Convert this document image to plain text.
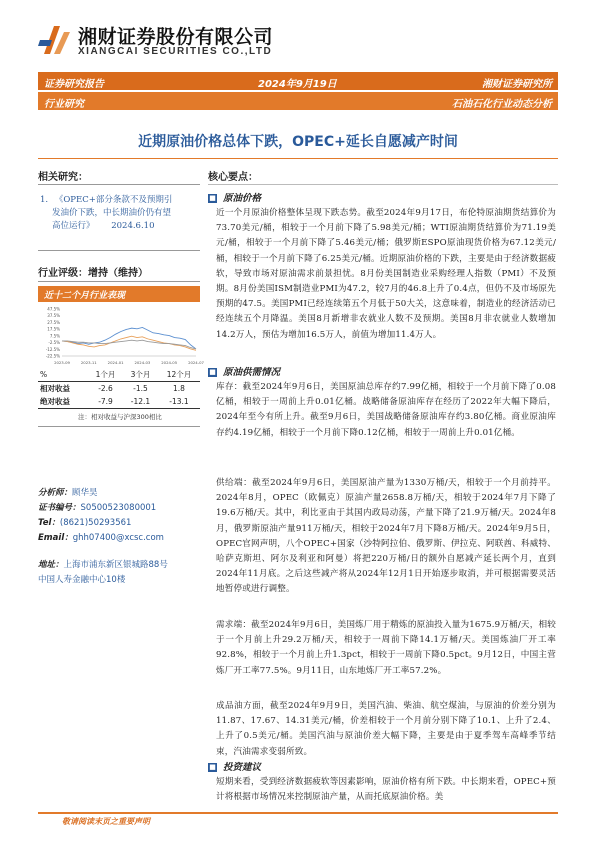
湘财证券股份有限公司
XIANGCAI SECURITIES CO.,LTD
证券研究报告	2024年9月19日	湘财证券研究所
行业研究	石油石化行业动态分析
近期原油价格总体下跌，OPEC+延长自愿减产时间
相关研究：
1. 《OPEC+部分条款不及预期引
发油价下跌，中长期油价仍有望
高位运行》 2024.6.10
行业评级：增持（维持）
近十二个月行业表现
47.5%
37.5%
27.5%
17.5%
7.5%
-2.5%
-12.5%
-22.5%
2023-09	2023-11	2024-01	2024-03	2024-05	2024-07
%	1个月	3个月	12个月
相对收益	-2.6	-1.5	1.8
绝对收益	-7.9	-12.1	-13.1
注：相对收益与沪深300相比
分析师：顾华昊
证书编号：S0500523080001
Tel：(8621)50293561
Email：ghh07400@xcsc.com
地址：上海市浦东新区银城路88号
中国人寿金融中心10楼
核心要点：
■ 原油价格
近一个月原油价格整体呈现下跌态势。截至2024年9月17日，布伦特原油期货结算价为73.70美元/桶，相较于一个月前下降了5.98美元/桶；WTI原油期货结算价为71.19美元/桶，相较于一个月前下降了5.46美元/桶；俄罗斯ESPO原油现货价格为67.12美元/桶，相较于一个月前下降了6.25美元/桶。近期原油价格的下跌，主要是由于经济数据疲软，导致市场对原油需求前景担忧。8月份美国制造业采购经理人指数（PMI）不及预期。8月份美国ISM制造业PMI为47.2，较7月的46.8上升了0.4点，但仍不及市场原先预期的47.5。美国PMI已经连续第五个月低于50大关，这意味着，制造业的经济活动已经连续五个月降温。美国8月新增非农就业人数不及预期。美国8月非农就业人数增加14.2万人，预估为增加16.5万人，前值为增加11.4万人。
■ 原油供需情况
库存：截至2024年9月6日，美国原油总库存约7.99亿桶，相较于一个月前下降了0.08亿桶，相较于一周前上升0.01亿桶。战略储备原油库存在经历了2022年大幅下降后，2024年至今有所上升。截至9月6日，美国战略储备原油库存约3.80亿桶。商业原油库存约4.19亿桶，相较于一个月前下降0.12亿桶，相较于一周前上升0.01亿桶。
供给端：截至2024年9月6日，美国原油产量为1330万桶/天，相较于一个月前持平。2024年8月，OPEC（欧佩克）原油产量2658.8万桶/天，相较于2024年7月下降了19.6万桶/天。其中，利比亚由于其国内政局动荡，产量下降了21.9万桶/天。2024年8月，俄罗斯原油产量911万桶/天，相较于2024年7月下降8万桶/天。2024年9月5日，OPEC官网声明，八个OPEC+国家（沙特阿拉伯、俄罗斯、伊拉克、阿联酋、科威特、哈萨克斯坦、阿尔及利亚和阿曼）将把220万桶/日的额外自愿减产延长两个月，直到2024年11月底。之后这些减产将从2024年12月1日开始逐步取消，并可根据需要灵活地暂停或进行调整。
需求端：截至2024年9月6日，美国炼厂用于精炼的原油投入量为1675.9万桶/天，相较于一个月前上升29.2万桶/天，相较于一周前下降14.1万桶/天。美国炼油厂开工率92.8%，相较于一个月前上升1.3pct，相较于一周前下降0.5pct。9月12日，中国主营炼厂开工率77.5%。9月11日，山东地炼厂开工率57.2%。
成品油方面，截至2024年9月9日，美国汽油、柴油、航空煤油，与原油的价差分别为11.87、17.67、14.31美元/桶，价差相较于一个月前分别下降了10.1、上升了2.4、上升了0.5美元/桶。美国汽油与原油价差大幅下降，主要是由于夏季驾车高峰季节结束，汽油需求变弱所致。
■ 投资建议
短期来看，受到经济数据疲软等因素影响，原油价格有所下跌。中长期来看，OPEC+预计将根据市场情况来控制原油产量，从而托底原油价格。美
敬请阅读末页之重要声明
